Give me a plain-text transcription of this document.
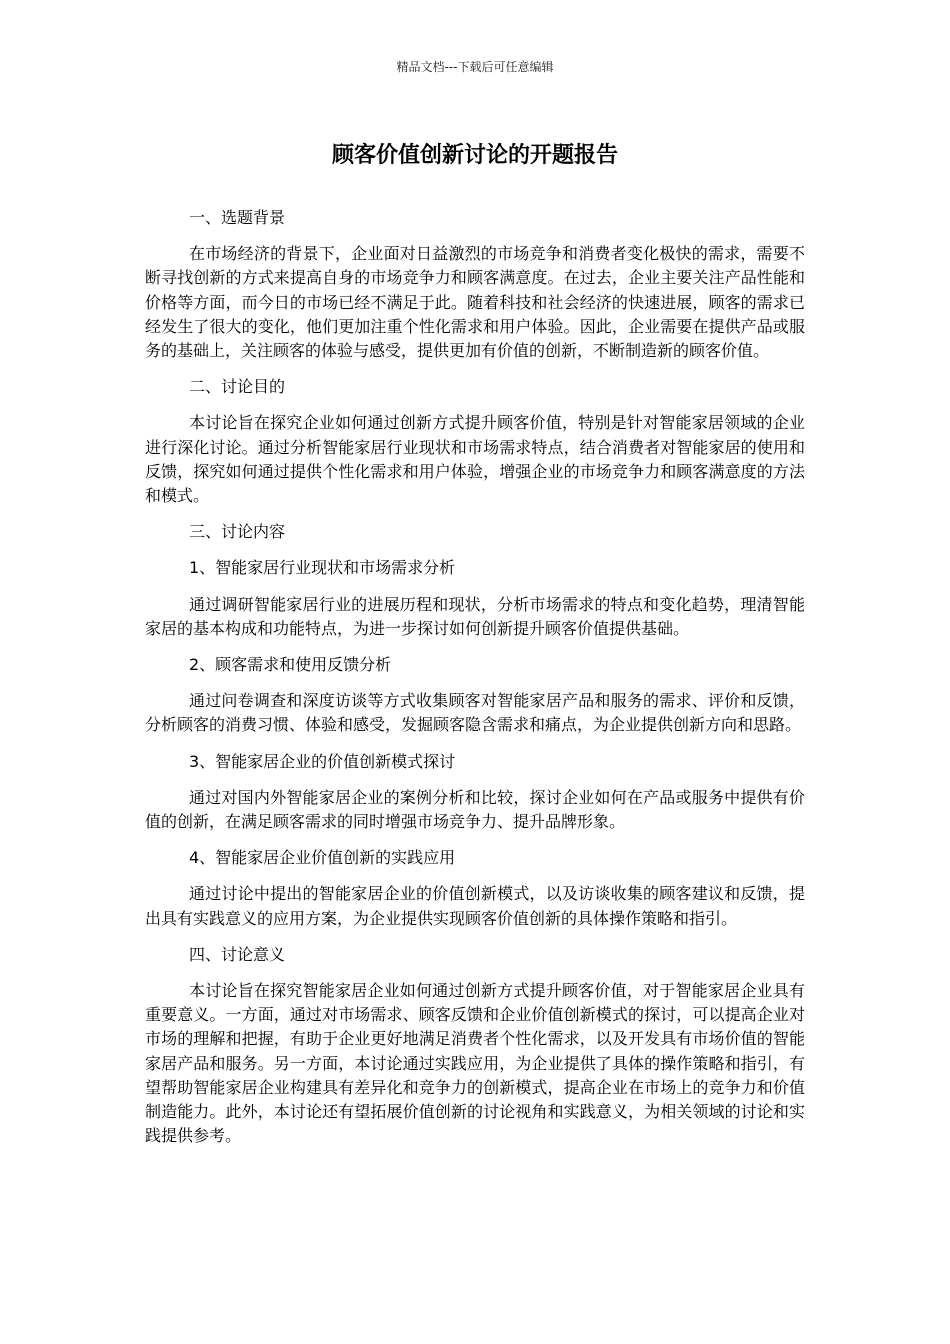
精品文档---下载后可任意编辑
顾客价值创新讨论的开题报告
一、选题背景
在市场经济的背景下，企业面对日益激烈的市场竞争和消费者变化极快的需求，需要不断寻找创新的方式来提高自身的市场竞争力和顾客满意度。在过去，企业主要关注产品性能和价格等方面，而今日的市场已经不满足于此。随着科技和社会经济的快速进展，顾客的需求已经发生了很大的变化，他们更加注重个性化需求和用户体验。因此，企业需要在提供产品或服务的基础上，关注顾客的体验与感受，提供更加有价值的创新，不断制造新的顾客价值。
二、讨论目的
本讨论旨在探究企业如何通过创新方式提升顾客价值，特别是针对智能家居领域的企业进行深化讨论。通过分析智能家居行业现状和市场需求特点，结合消费者对智能家居的使用和反馈，探究如何通过提供个性化需求和用户体验，增强企业的市场竞争力和顾客满意度的方法和模式。
三、讨论内容
1、智能家居行业现状和市场需求分析
通过调研智能家居行业的进展历程和现状，分析市场需求的特点和变化趋势，理清智能家居的基本构成和功能特点，为进一步探讨如何创新提升顾客价值提供基础。
2、顾客需求和使用反馈分析
通过问卷调查和深度访谈等方式收集顾客对智能家居产品和服务的需求、评价和反馈，分析顾客的消费习惯、体验和感受，发掘顾客隐含需求和痛点，为企业提供创新方向和思路。
3、智能家居企业的价值创新模式探讨
通过对国内外智能家居企业的案例分析和比较，探讨企业如何在产品或服务中提供有价值的创新，在满足顾客需求的同时增强市场竞争力、提升品牌形象。
4、智能家居企业价值创新的实践应用
通过讨论中提出的智能家居企业的价值创新模式，以及访谈收集的顾客建议和反馈，提出具有实践意义的应用方案，为企业提供实现顾客价值创新的具体操作策略和指引。
四、讨论意义
本讨论旨在探究智能家居企业如何通过创新方式提升顾客价值，对于智能家居企业具有重要意义。一方面，通过对市场需求、顾客反馈和企业价值创新模式的探讨，可以提高企业对市场的理解和把握，有助于企业更好地满足消费者个性化需求，以及开发具有市场价值的智能家居产品和服务。另一方面，本讨论通过实践应用，为企业提供了具体的操作策略和指引，有望帮助智能家居企业构建具有差异化和竞争力的创新模式，提高企业在市场上的竞争力和价值制造能力。此外，本讨论还有望拓展价值创新的讨论视角和实践意义，为相关领域的讨论和实践提供参考。
